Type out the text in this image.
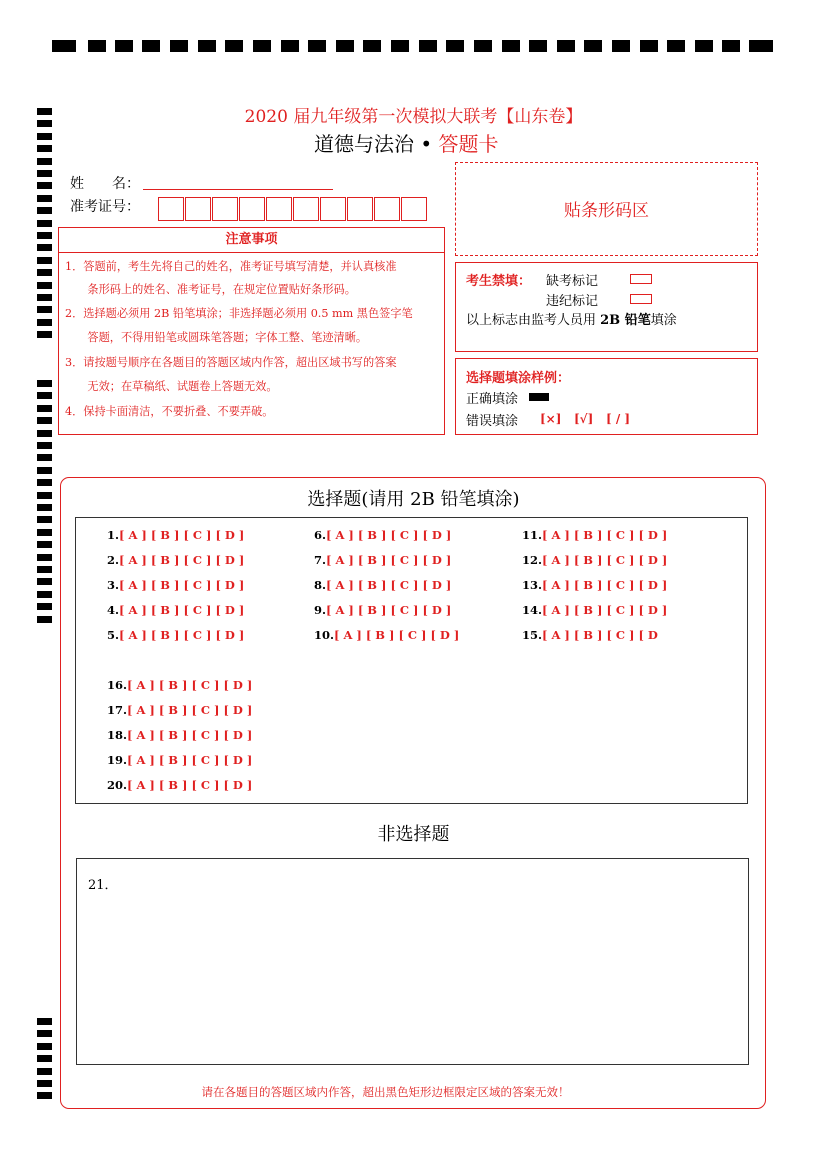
2020 届九年级第一次模拟大联考【山东卷】
道德与法治 • 答题卡
姓　　名：
准考证号：	贴条形码区
注意事项
1．答题前，考生先将自己的姓名，准考证号填写清楚，并认真核准
　　条形码上的姓名、准考证号，在规定位置贴好条形码。
2．选择题必须用 2B 铅笔填涂；非选择题必须用 0.5 mm 黑色签字笔
　　答题，不得用铅笔或圆珠笔答题；字体工整、笔迹清晰。
3．请按题号顺序在各题目的答题区域内作答，超出区域书写的答案
　　无效；在草稿纸、试题卷上答题无效。
4．保持卡面清洁，不要折叠、不要弄破。
考生禁填： 缺考标记
违纪标记
以上标志由监考人员用 2B 铅笔填涂
选择题填涂样例：
正确填涂
错误填涂 [×] [√] [ / ]
选择题(请用 2B 铅笔填涂)
1.[ A ] [ B ] [ C ] [ D ]
2.[ A ] [ B ] [ C ] [ D ]
3.[ A ] [ B ] [ C ] [ D ]
4.[ A ] [ B ] [ C ] [ D ]
5.[ A ] [ B ] [ C ] [ D ]
6.[ A ] [ B ] [ C ] [ D ]
7.[ A ] [ B ] [ C ] [ D ]
8.[ A ] [ B ] [ C ] [ D ]
9.[ A ] [ B ] [ C ] [ D ]
10.[ A ] [ B ] [ C ] [ D ]
11.[ A ] [ B ] [ C ] [ D ]
12.[ A ] [ B ] [ C ] [ D ]
13.[ A ] [ B ] [ C ] [ D ]
14.[ A ] [ B ] [ C ] [ D ]
15.[ A ] [ B ] [ C ] [ D
16.[ A ] [ B ] [ C ] [ D ]
17.[ A ] [ B ] [ C ] [ D ]
18.[ A ] [ B ] [ C ] [ D ]
19.[ A ] [ B ] [ C ] [ D ]
20.[ A ] [ B ] [ C ] [ D ]
非选择题
21．
请在各题目的答题区域内作答，超出黑色矩形边框限定区域的答案无效！
